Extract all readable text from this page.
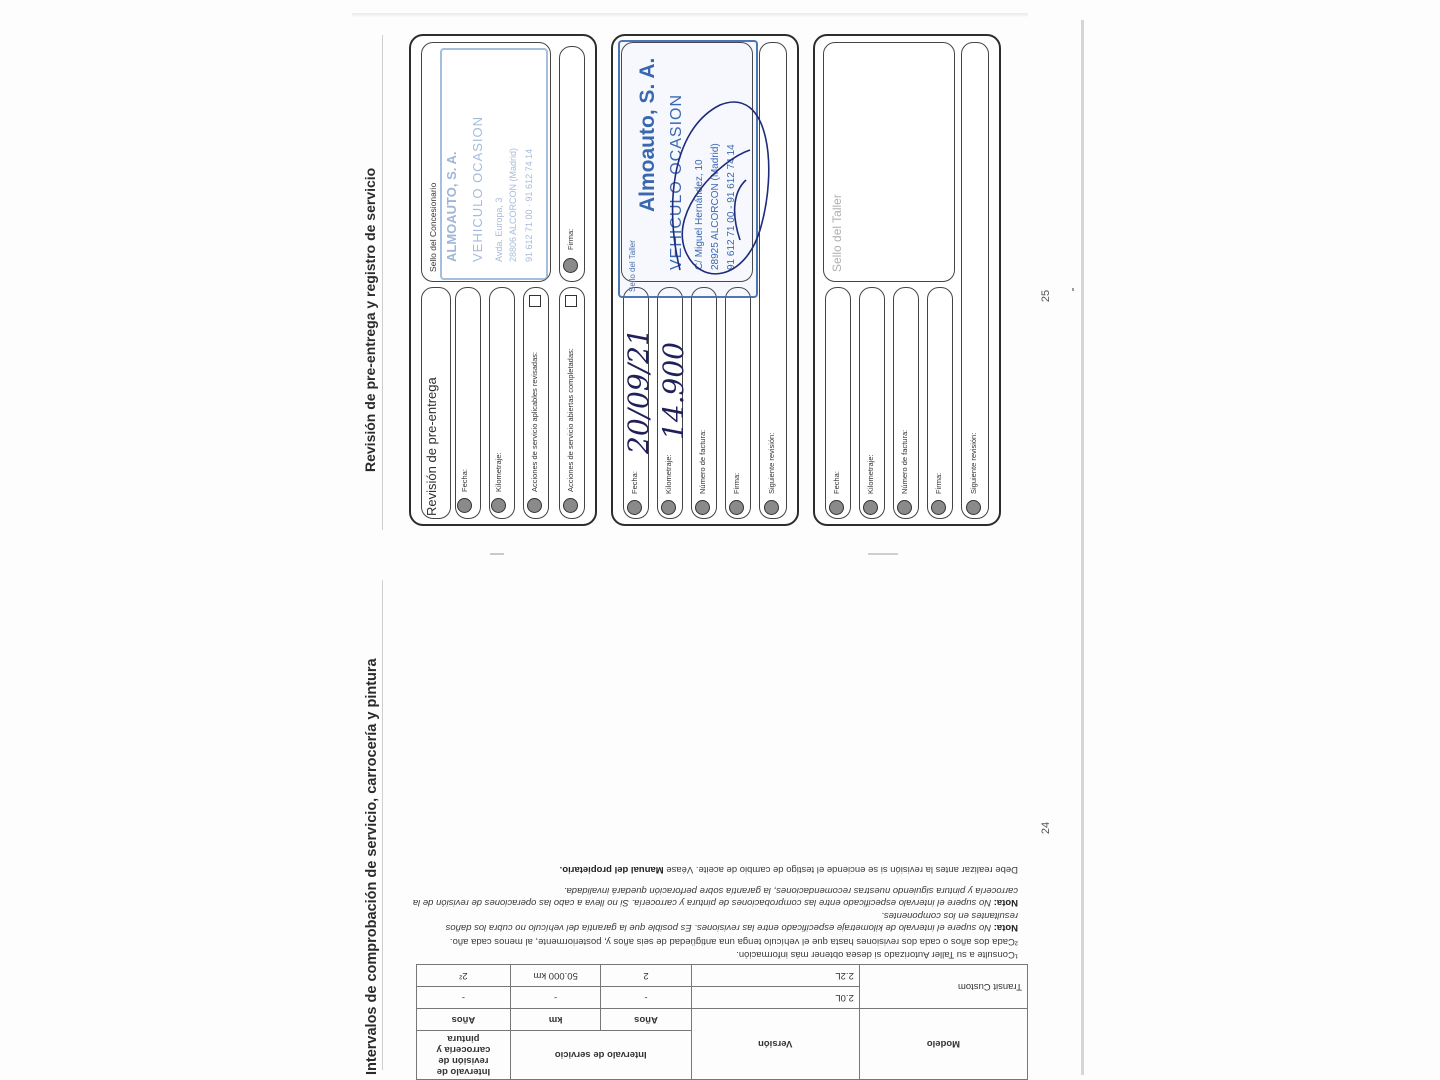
Modelo	Versión	Intervalo de servicio		Intervalo de revisión de carrocería y pintura
		Años	km	Años
Transit Custom	2.0L	-	-	-
	2.2L	2	50.000 km	2²

¹Consulte a su Taller Autorizado si desea obtener más información.

²Cada dos años o cada dos revisiones hasta que el vehículo tenga una antigüedad de seis años y, posteriormente, al menos cada año.

Nota: No supere el intervalo de kilometraje especificado entre las revisiones. Es posible que la garantía del vehículo no cubra los daños resultantes en los componentes.

Nota: No supere el intervalo especificado entre las comprobaciones de pintura y carrocería. Si no lleva a cabo las operaciones de revisión de la carrocería y pintura siguiendo nuestras recomendaciones, la garantía sobre perforación quedará invalidada.

Debe realizar antes la revisión si se enciende el testigo de cambio de aceite. Véase Manual del propietario.

Intervalos de comprobación de servicio, carrocería y pintura	24
Revisión de pre-entrega y registro de servicio	25
Revisión de pre-entrega	Fecha:	Kilometraje:	Acciones de servicio aplicables revisadas:	Acciones de servicio abiertas completadas:
Firma:
Sello del Concesionario ALMOAUTO, S. A. VEHICULO OCASION Avda. Europa, 3 28806 ALCORCON (Madrid) 91 612 71 00 · 91 612 74 14
Fecha:	Kilometraje:	Número de factura:	Firma:	Siguiente revisión:
20/09/21 14.900
Sello del Taller
Almoauto, S. A. VEHICULO OCASION C/ Miguel Hernández, 10 28925 ALCORCON (Madrid) 91 612 71 00 - 91 612 74 14
Fecha:	Kilometraje:	Número de factura:	Firma:	Siguiente revisión:
Sello del Taller
